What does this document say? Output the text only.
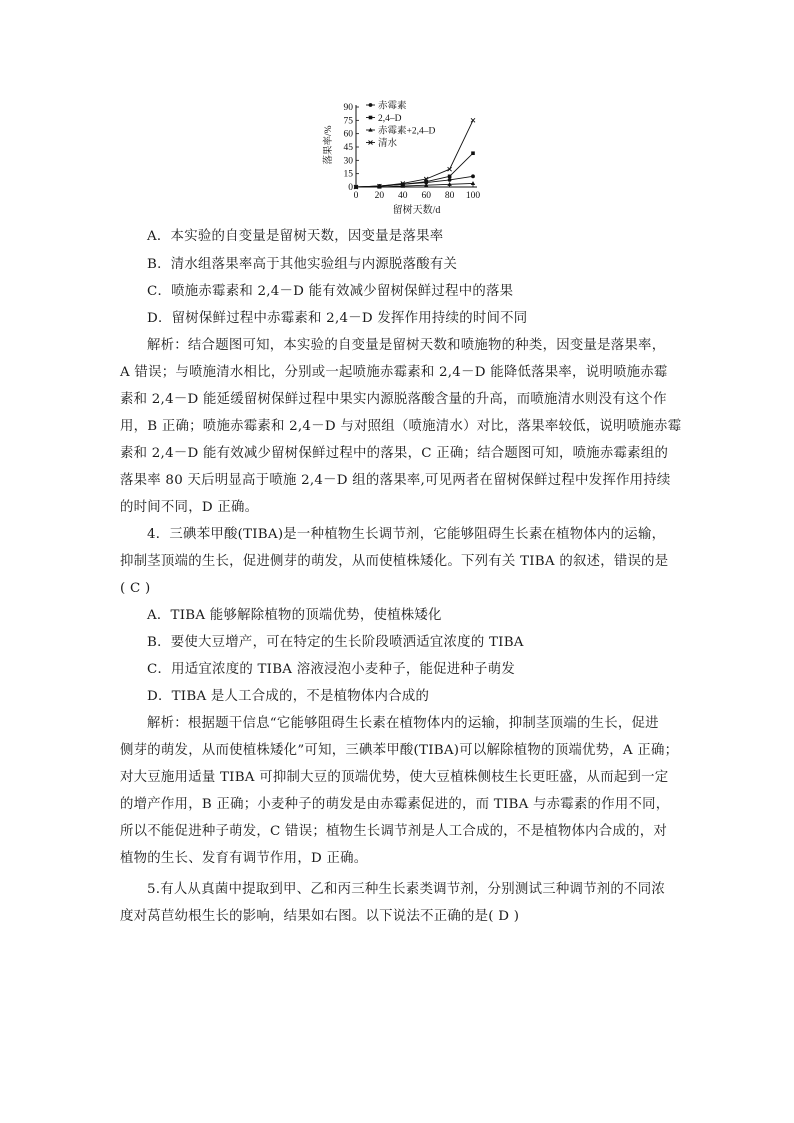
0
15
30
45
60
75
90
0 20 40 60 80 100
留树天数/d
落果率/%
赤霉素
2,4–D
赤霉素+2,4–D
清水
A．本实验的自变量是留树天数，因变量是落果率
B．清水组落果率高于其他实验组与内源脱落酸有关
C．喷施赤霉素和 2,4－D 能有效减少留树保鲜过程中的落果
D．留树保鲜过程中赤霉素和 2,4－D 发挥作用持续的时间不同
解析：结合题图可知，本实验的自变量是留树天数和喷施物的种类，因变量是落果率，
A 错误；与喷施清水相比，分别或一起喷施赤霉素和 2,4－D 能降低落果率，说明喷施赤霉
素和 2,4－D 能延缓留树保鲜过程中果实内源脱落酸含量的升高，而喷施清水则没有这个作
用，B 正确；喷施赤霉素和 2,4－D 与对照组（喷施清水）对比，落果率较低，说明喷施赤霉
素和 2,4－D 能有效减少留树保鲜过程中的落果，C 正确；结合题图可知，喷施赤霉素组的
落果率 80 天后明显高于喷施 2,4－D 组的落果率,可见两者在留树保鲜过程中发挥作用持续
的时间不同，D 正确。
4．三碘苯甲酸(TIBA)是一种植物生长调节剂，它能够阻碍生长素在植物体内的运输，
抑制茎顶端的生长，促进侧芽的萌发，从而使植株矮化。下列有关 TIBA 的叙述，错误的是
( C )
A．TIBA 能够解除植物的顶端优势，使植株矮化
B．要使大豆增产，可在特定的生长阶段喷洒适宜浓度的 TIBA
C．用适宜浓度的 TIBA 溶液浸泡小麦种子，能促进种子萌发
D．TIBA 是人工合成的，不是植物体内合成的
解析：根据题干信息“它能够阻碍生长素在植物体内的运输，抑制茎顶端的生长，促进
侧芽的萌发，从而使植株矮化”可知，三碘苯甲酸(TIBA)可以解除植物的顶端优势，A 正确；
对大豆施用适量 TIBA 可抑制大豆的顶端优势，使大豆植株侧枝生长更旺盛，从而起到一定
的增产作用，B 正确；小麦种子的萌发是由赤霉素促进的，而 TIBA 与赤霉素的作用不同，
所以不能促进种子萌发，C 错误；植物生长调节剂是人工合成的，不是植物体内合成的，对
植物的生长、发育有调节作用，D 正确。
5.有人从真菌中提取到甲、乙和丙三种生长素类调节剂，分别测试三种调节剂的不同浓
度对莴苣幼根生长的影响，结果如右图。以下说法不正确的是( D )
